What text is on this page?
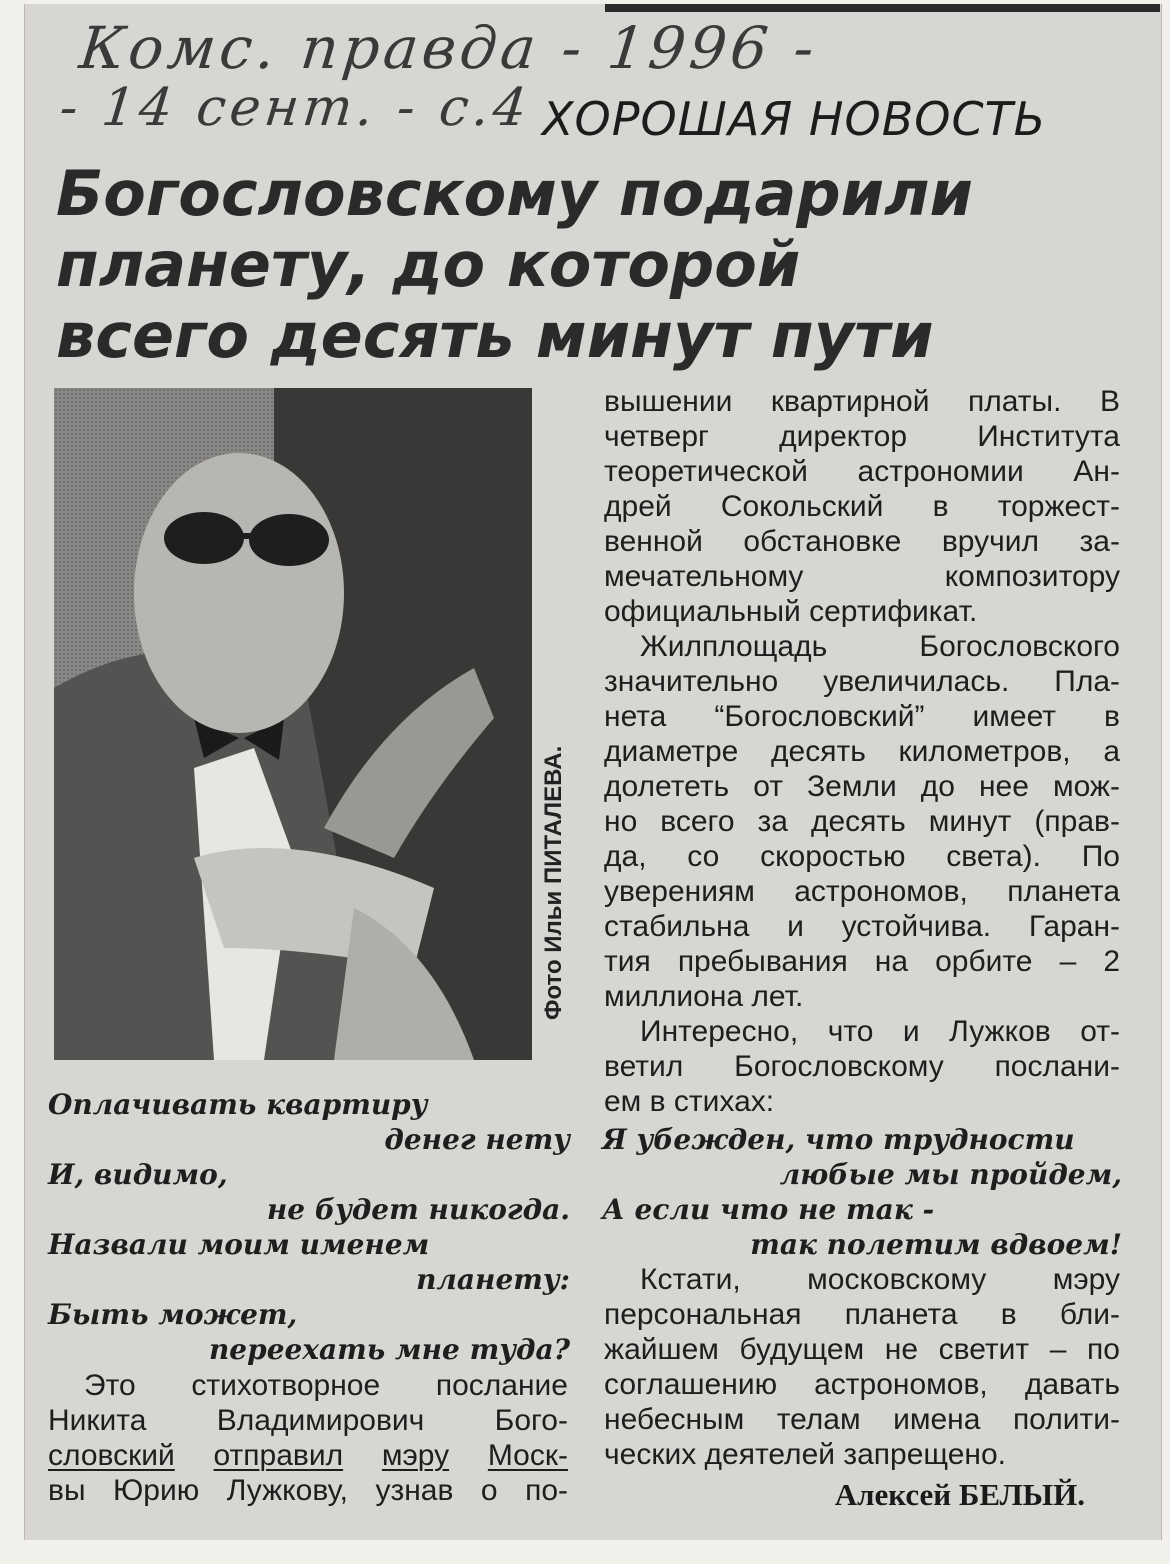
Комс. правда - 1996 -
- 14 сент. - с.4 ХОРОШАЯ НОВОСТЬ
Богословскому подарили
планету, до которой
всего десять минут пути
Фото Ильи ПИТАЛЕВА.
Оплачивать квартиру
денег нету
И, видимо,
не будет никогда.
Назвали моим именем
планету:
Быть может,
переехать мне туда?
Это стихотворное послание
Никита Владимирович Бого-
словский отправил мэру Моск-
вы Юрию Лужкову, узнав о по-
вышении квартирной платы. В
четверг директор Института
теоретической астрономии Ан-
дрей Сокольский в торжест-
венной обстановке вручил за-
мечательному	композитору
официальный сертификат.
Жилплощадь	Богословского
значительно увеличилась. Пла-
нета “Богословский” имеет в
диаметре десять километров, а
долететь от Земли до нее мож-
но всего за десять минут (прав-
да, со скоростью света). По
уверениям астрономов, планета
стабильна и устойчива. Гаран-
тия пребывания на орбите – 2
миллиона лет.
Интересно, что и Лужков от-
ветил Богословскому послани-
ем в стихах:
Я убежден, что трудности
любые мы пройдем,
А если что не так -
так полетим вдвоем!
Кстати, московскому мэру
персональная планета в бли-
жайшем будущем не светит – по
соглашению астрономов, давать
небесным телам имена полити-
ческих деятелей запрещено.
Алексей БЕЛЫЙ.
